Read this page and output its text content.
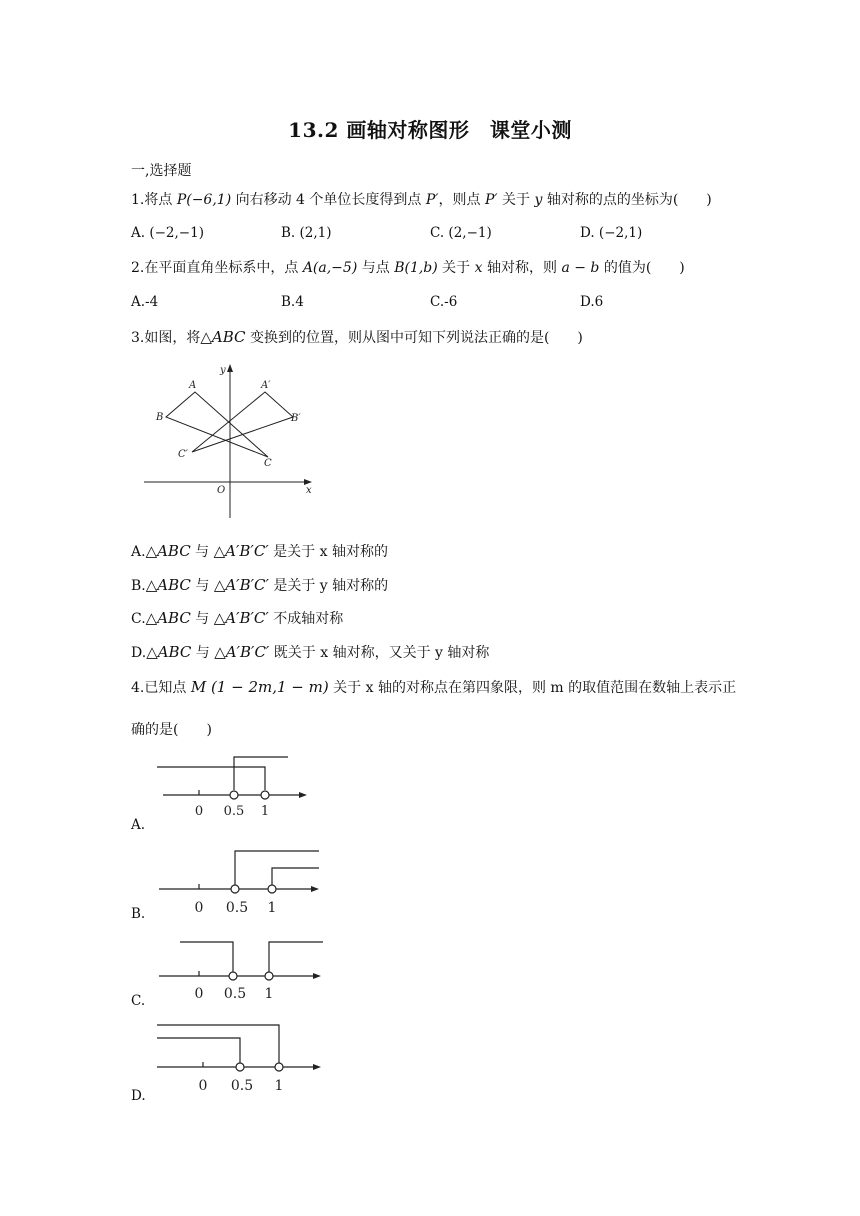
13.2 画轴对称图形　课堂小测
一,选择题
1.将点 P(−6,1) 向右移动 4 个单位长度得到点 P′，则点 P′ 关于 y 轴对称的点的坐标为(　　)
A. (−2,−1)	B. (2,1)	C. (2,−1)	D. (−2,1)
2.在平面直角坐标系中，点 A(a,−5) 与点 B(1,b) 关于 x 轴对称，则 a − b 的值为(　　)
A.-4	B.4	C.-6	D.6
3.如图，将△ABC 变换到的位置，则从图中可知下列说法正确的是(　　)
y
x
O
A
B
C
A′
B′
C′
A.△ABC 与 △A′B′C′ 是关于 x 轴对称的
B.△ABC 与 △A′B′C′ 是关于 y 轴对称的
C.△ABC 与 △A′B′C′ 不成轴对称
D.△ABC 与 △A′B′C′ 既关于 x 轴对称，又关于 y 轴对称
4.已知点 M (1 − 2m,1 − m) 关于 x 轴的对称点在第四象限，则 m 的取值范围在数轴上表示正
确的是(　　)
0 0.5 1
A.
0 0.5 1
B.
0 0.5 1
C.
0 0.5 1
D.
